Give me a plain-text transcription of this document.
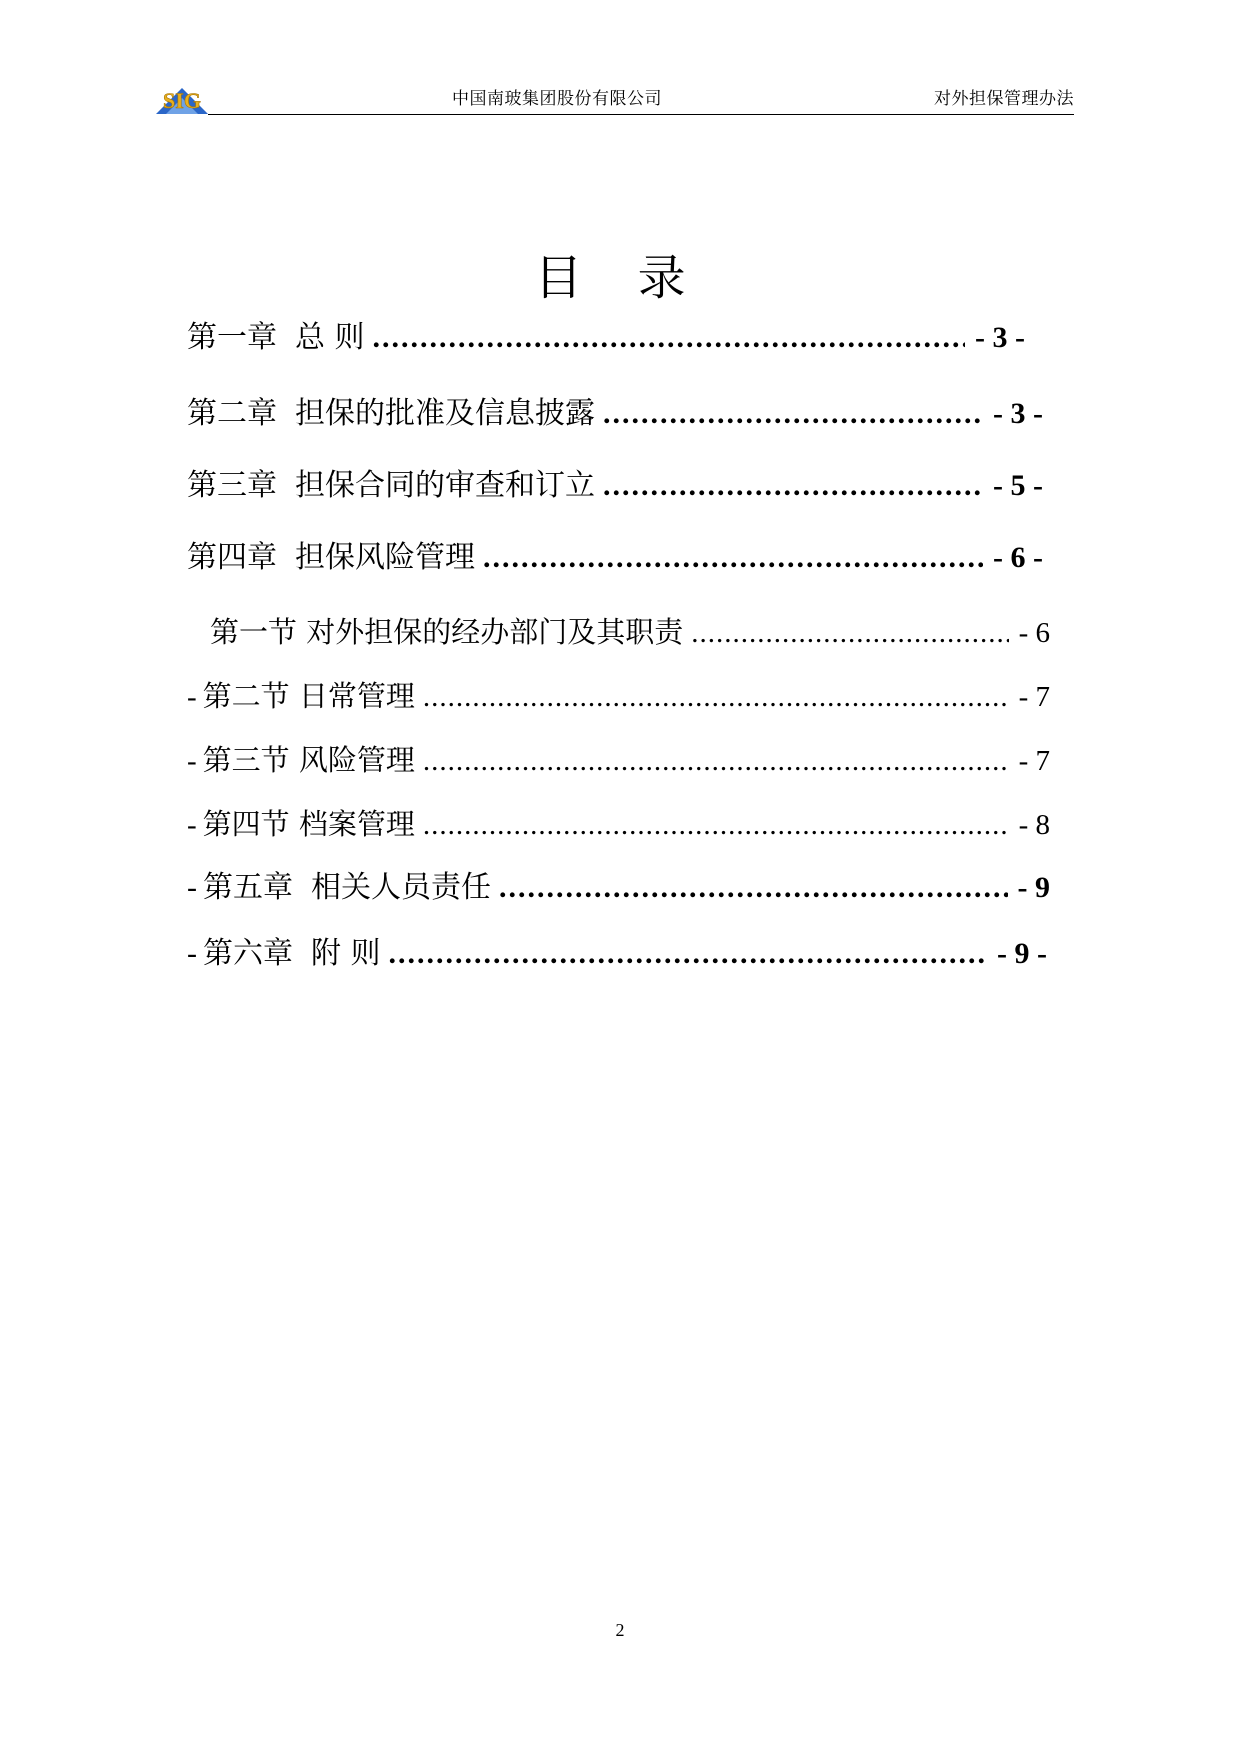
SIG	中国南玻集团股份有限公司	对外担保管理办法
目 录
第一章 总 则 .....	- 3 -
第二章 担保的批准及信息披露 .....	- 3 -
第三章 担保合同的审查和订立 .....	- 5 -
第四章 担保风险管理 .....	- 6 -
第一节 对外担保的经办部门及其职责 .....	- 6
- 第二节 日常管理 .....	- 7
- 第三节 风险管理 .....	- 7
- 第四节 档案管理 .....	- 8
- 第五章 相关人员责任 .....	- 9
- 第六章 附 则 .....	- 9 -
2
